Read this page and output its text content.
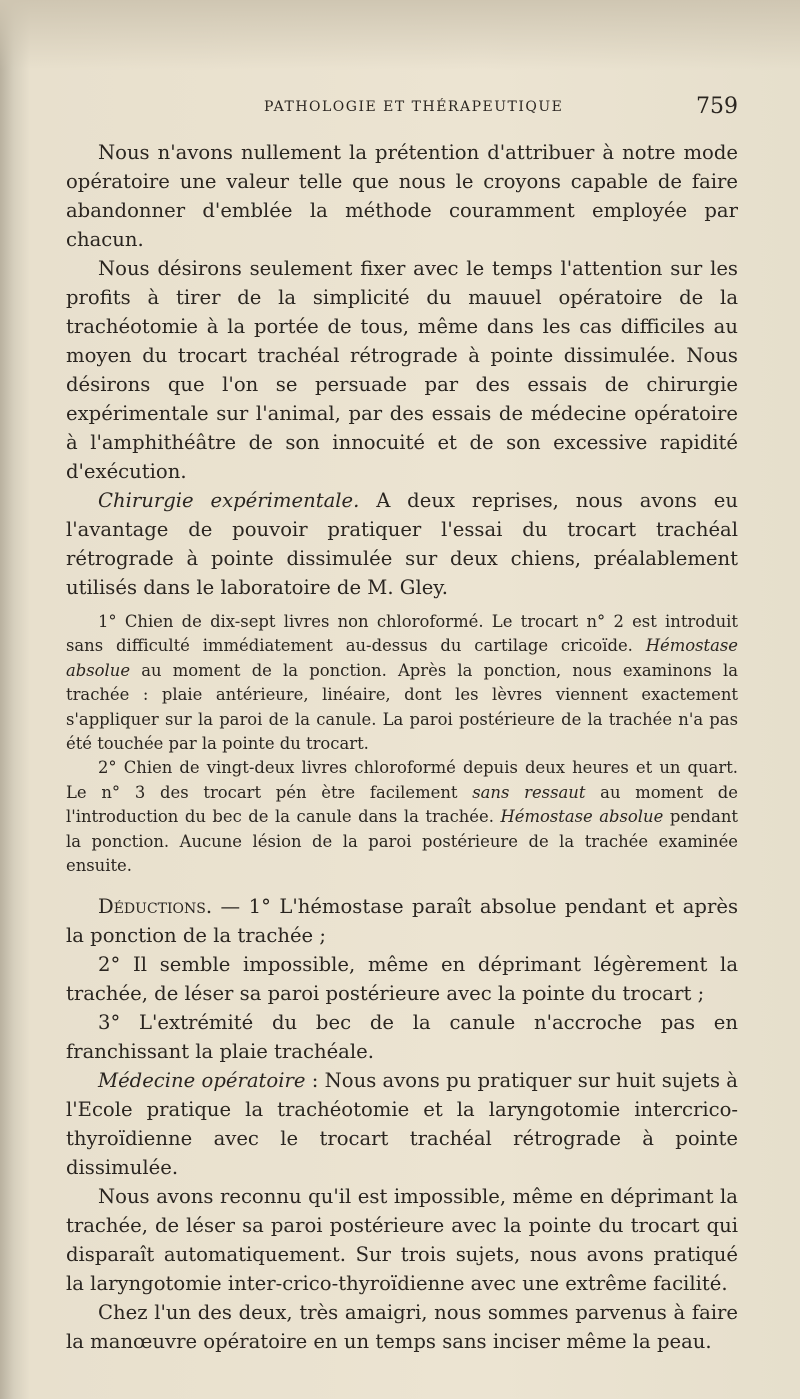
PATHOLOGIE ET THÉRAPEUTIQUE	759

Nous n'avons nullement la prétention d'attribuer à notre mode opératoire une valeur telle que nous le croyons capable de faire abandonner d'emblée la méthode couramment employée par chacun.

Nous désirons seulement fixer avec le temps l'attention sur les profits à tirer de la simplicité du mauuel opératoire de la trachéotomie à la portée de tous, même dans les cas difficiles au moyen du trocart trachéal rétrograde à pointe dissimulée. Nous désirons que l'on se persuade par des essais de chirurgie expérimentale sur l'animal, par des essais de médecine opératoire à l'amphithéâtre de son innocuité et de son excessive rapidité d'exécution.

Chirurgie expérimentale. A deux reprises, nous avons eu l'avantage de pouvoir pratiquer l'essai du trocart trachéal rétrograde à pointe dissimulée sur deux chiens, préalablement utilisés dans le laboratoire de M. Gley.

1° Chien de dix-sept livres non chloroformé. Le trocart n° 2 est introduit sans difficulté immédiatement au-dessus du cartilage cricoïde. Hémostase absolue au moment de la ponction. Après la ponction, nous examinons la trachée : plaie antérieure, linéaire, dont les lèvres viennent exactement s'appliquer sur la paroi de la canule. La paroi postérieure de la trachée n'a pas été touchée par la pointe du trocart.

2° Chien de vingt-deux livres chloroformé depuis deux heures et un quart. Le n° 3 des trocart pén ètre facilement sans ressaut au moment de l'introduction du bec de la canule dans la trachée. Hémostase absolue pendant la ponction. Aucune lésion de la paroi postérieure de la trachée examinée ensuite.

Déductions. — 1° L'hémostase paraît absolue pendant et après la ponction de la trachée ;

2° Il semble impossible, même en déprimant légèrement la trachée, de léser sa paroi postérieure avec la pointe du trocart ;

3° L'extrémité du bec de la canule n'accroche pas en franchissant la plaie trachéale.

Médecine opératoire : Nous avons pu pratiquer sur huit sujets à l'Ecole pratique la trachéotomie et la laryngotomie intercrico-thyroïdienne avec le trocart trachéal rétrograde à pointe dissimulée.

Nous avons reconnu qu'il est impossible, même en déprimant la trachée, de léser sa paroi postérieure avec la pointe du trocart qui disparaît automatiquement. Sur trois sujets, nous avons pratiqué la laryngotomie inter-crico-thyroïdienne avec une extrême facilité.

Chez l'un des deux, très amaigri, nous sommes parvenus à faire la manœuvre opératoire en un temps sans inciser même la peau.
